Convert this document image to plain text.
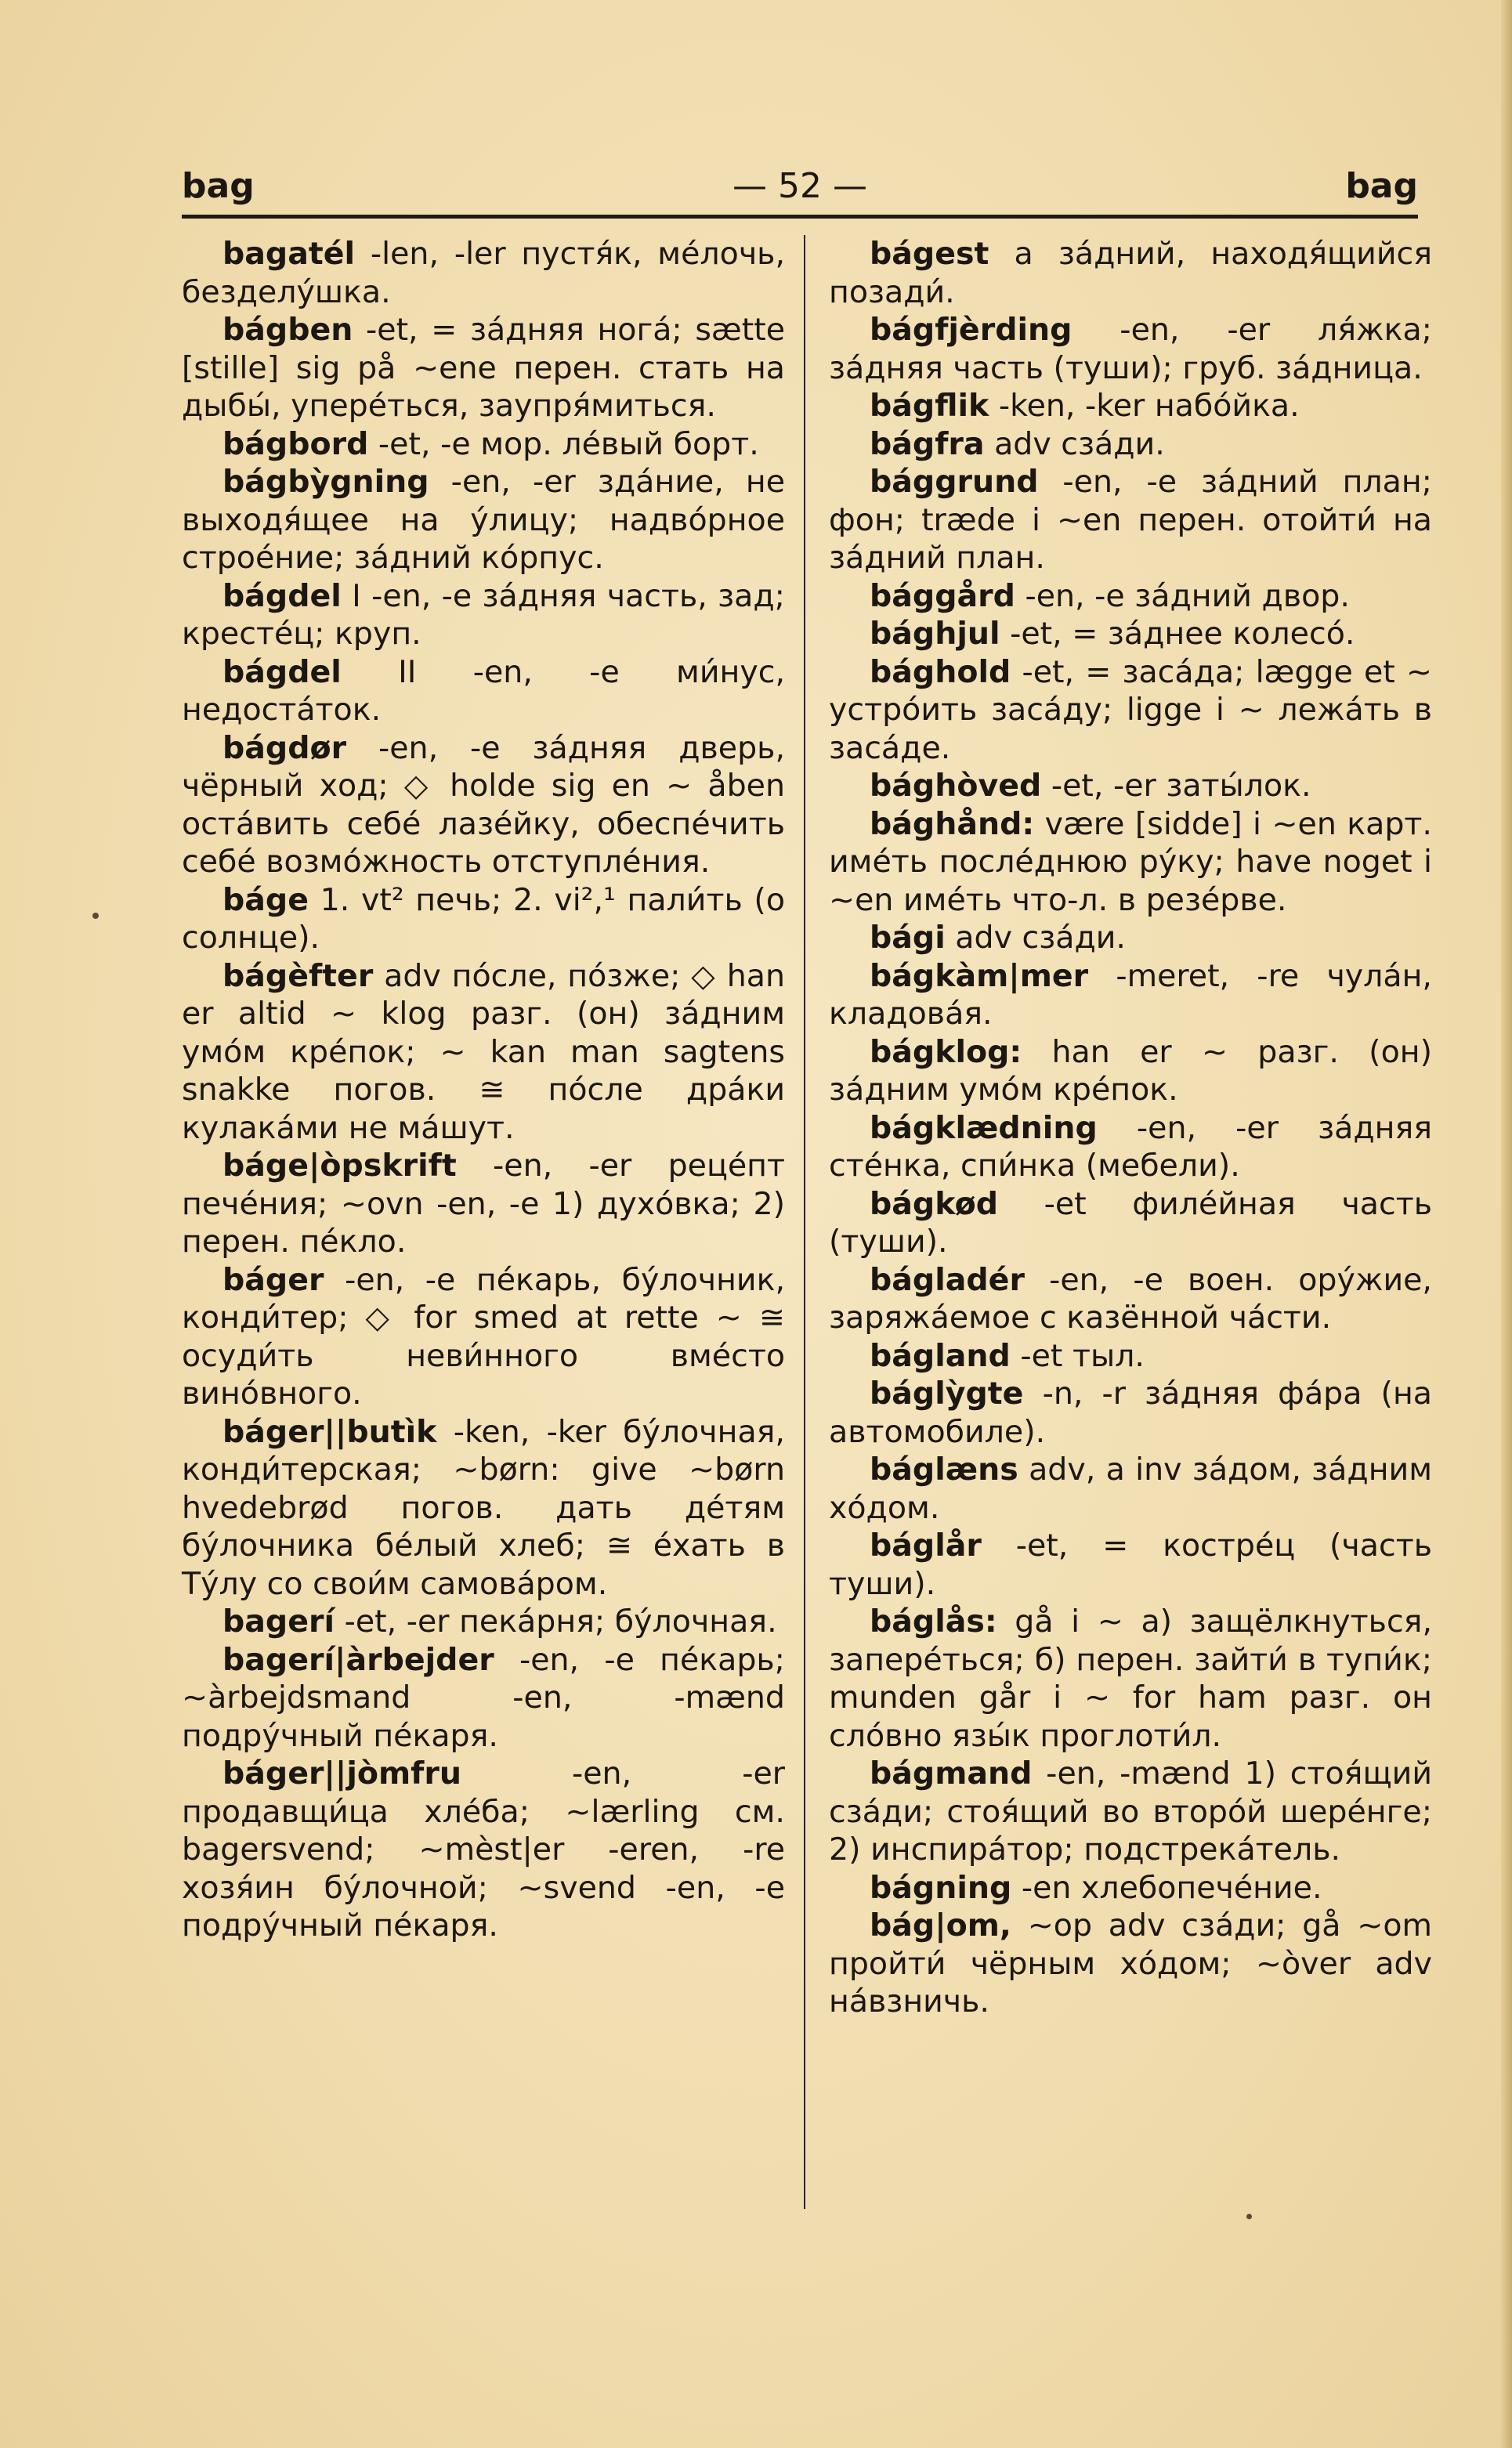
bag	— 52 —	bag

bagatél -len, -ler пустя́к, ме́лочь, безделу́шка.

bágben -et, = за́дняя нога́; sætte [stille] sig på ~ene перен. стать на дыбы́, упере́ться, заупря́миться.

bágbord -et, -e мор. ле́вый борт.

bágbỳgning -en, -er зда́ние, не выходя́щее на у́лицу; надво́рное строе́ние; за́дний ко́рпус.

bágdel I -en, -e за́дняя часть, зад; кресте́ц; круп.

bágdel II -en, -e ми́нус, недоста́ток.

bágdør -en, -e за́дняя дверь, чёрный ход; ◇ holde sig en ~ åben оста́вить себе́ лазе́йку, обеспе́чить себе́ возмо́жность отступле́ния.

báge 1. vt² печь; 2. vi²,¹ пали́ть (о солнце).

bágèfter adv по́сле, по́зже; ◇ han er altid ~ klog разг. (он) за́дним умо́м кре́пок; ~ kan man sagtens snakke погов. ≅ по́сле дра́ки кулака́ми не ма́шут.

báge|òpskrift -en, -er реце́пт пече́ния; ~ovn -en, -e 1) духо́вка; 2) перен. пе́кло.

báger -en, -e пе́карь, бу́лочник, конди́тер; ◇ for smed at rette ~ ≅ осуди́ть неви́нного вме́сто вино́вного.

báger||butìk -ken, -ker бу́лочная, конди́терская; ~børn: give ~børn hvedebrød погов. дать де́тям бу́лочника бе́лый хлеб; ≅ е́хать в Ту́лу со свои́м самова́ром.

bagerí -et, -er пека́рня; бу́лочная.

bagerí|àrbejder -en, -e пе́карь; ~àrbejdsmand -en, -mænd подру́чный пе́каря.

báger||jòmfru -en, -er продавщи́ца хле́ба; ~lærling см. bagersvend; ~mèst|er -eren, -re хозя́ин бу́лочной; ~svend -en, -e подру́чный пе́каря.

bágest a за́дний, находя́щийся позади́.

bágfjèrding -en, -er ля́жка; за́дняя часть (туши); груб. за́дница.

bágflik -ken, -ker набо́йка.

bágfra adv сза́ди.

bággrund -en, -e за́дний план; фон; træde i ~en перен. отойти́ на за́дний план.

bággård -en, -e за́дний двор.

bághjul -et, = за́днее колесо́.

bághold -et, = заса́да; lægge et ~ устро́ить заса́ду; ligge i ~ лежа́ть в заса́де.

bághòved -et, -er заты́лок.

bághånd: være [sidde] i ~en карт. име́ть после́днюю ру́ку; have noget i ~en име́ть что-л. в резе́рве.

bági adv сза́ди.

bágkàm|mer -meret, -re чула́н, кладова́я.

bágklog: han er ~ разг. (он) за́дним умо́м кре́пок.

bágklædning -en, -er за́дняя сте́нка, спи́нка (мебели).

bágkød -et филе́йная часть (туши).

bágladér -en, -e воен. ору́жие, заряжа́емое с казённой ча́сти.

bágland -et тыл.

báglỳgte -n, -r за́дняя фа́ра (на автомобиле).

báglæns adv, a inv за́дом, за́дним хо́дом.

báglår -et, = костре́ц (часть туши).

báglås: gå i ~ а) защёлкнуться, запере́ться; б) перен. зайти́ в тупи́к; munden går i ~ for ham разг. он сло́вно язы́к проглоти́л.

bágmand -en, -mænd 1) стоя́щий сза́ди; стоя́щий во второ́й шере́нге; 2) инспира́тор; подстрека́тель.

bágning -en хлебопече́ние.

bág|om, ~op adv сза́ди; gå ~om пройти́ чёрным хо́дом; ~òver adv на́взничь.
